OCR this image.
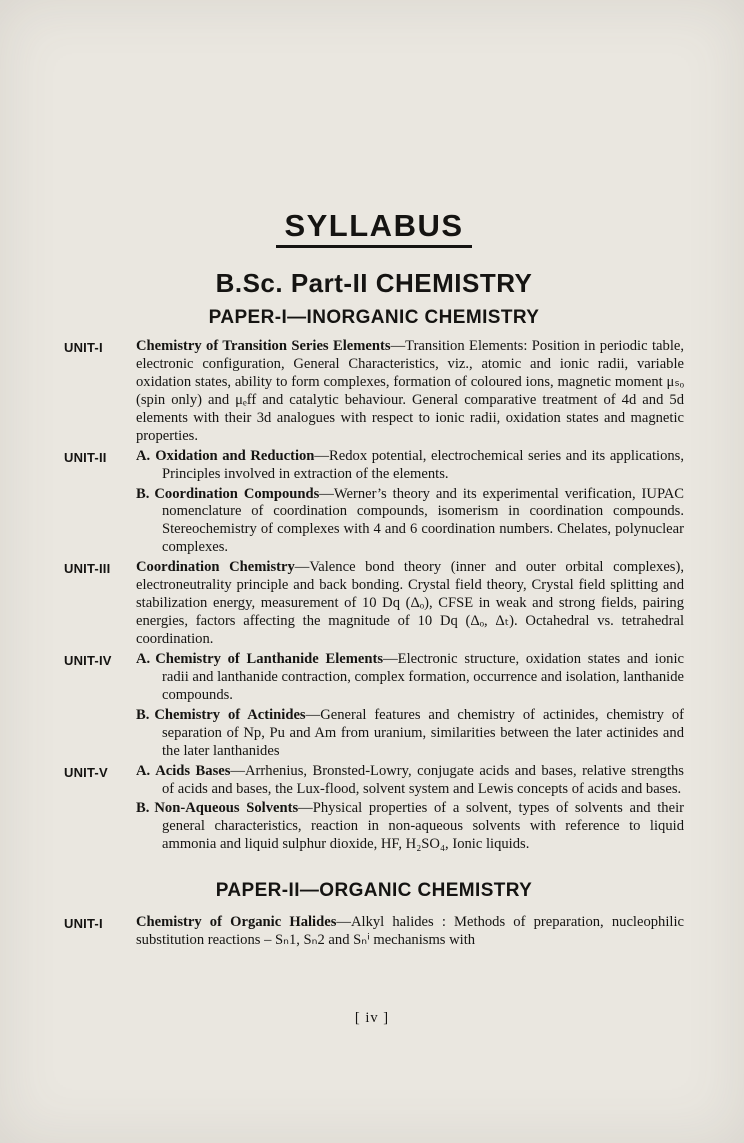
SYLLABUS
B.Sc. Part-II CHEMISTRY
PAPER-I—INORGANIC CHEMISTRY
UNIT-I	Chemistry of Transition Series Elements—Transition Elements: Position in periodic table, electronic configuration, General Characteristics, viz., atomic and ionic radii, variable oxidation states, ability to form complexes, formation of coloured ions, magnetic moment μₛₒ (spin only) and μₑff and catalytic behaviour. General comparative treatment of 4d and 5d elements with their 3d analogues with respect to ionic radii, oxidation states and magnetic properties.
UNIT-II	A. Oxidation and Reduction—Redox potential, electrochemical series and its applications, Principles involved in extraction of the elements.
B. Coordination Compounds—Werner’s theory and its experimental verification, IUPAC nomenclature of coordination compounds, isomerism in coordination compounds. Stereochemistry of complexes with 4 and 6 coordination numbers. Chelates, polynuclear complexes.
UNIT-III	Coordination Chemistry—Valence bond theory (inner and outer orbital complexes), electroneutrality principle and back bonding. Crystal field theory, Crystal field splitting and stabilization energy, measurement of 10 Dq (Δₒ), CFSE in weak and strong fields, pairing energies, factors affecting the magnitude of 10 Dq (Δₒ, Δₜ). Octahedral vs. tetrahedral coordination.
UNIT-IV	A. Chemistry of Lanthanide Elements—Electronic structure, oxidation states and ionic radii and lanthanide contraction, complex formation, occurrence and isolation, lanthanide compounds.
B. Chemistry of Actinides—General features and chemistry of actinides, chemistry of separation of Np, Pu and Am from uranium, similarities between the later actinides and the later lanthanides
UNIT-V	A. Acids Bases—Arrhenius, Bronsted-Lowry, conjugate acids and bases, relative strengths of acids and bases, the Lux-flood, solvent system and Lewis concepts of acids and bases.
B. Non-Aqueous Solvents—Physical properties of a solvent, types of solvents and their general characteristics, reaction in non-aqueous solvents with reference to liquid ammonia and liquid sulphur dioxide, HF, H₂SO₄, Ionic liquids.
PAPER-II—ORGANIC CHEMISTRY
UNIT-I	Chemistry of Organic Halides—Alkyl halides : Methods of preparation, nucleophilic substitution reactions – Sₙ1, Sₙ2 and Sₙⁱ mechanisms with
[ iv ]
